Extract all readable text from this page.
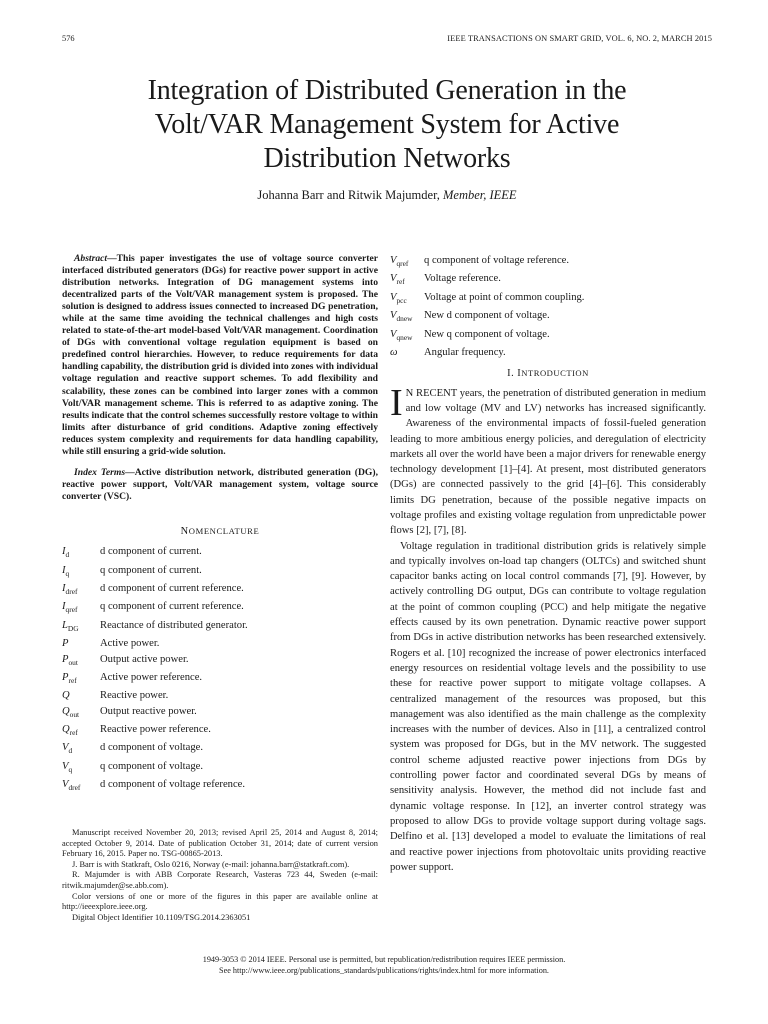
576	IEEE TRANSACTIONS ON SMART GRID, VOL. 6, NO. 2, MARCH 2015
Integration of Distributed Generation in the
Volt/VAR Management System for Active
Distribution Networks
Johanna Barr and Ritwik Majumder, Member, IEEE

Abstract—This paper investigates the use of voltage source converter interfaced distributed generators (DGs) for reactive power support in active distribution networks. Integration of DG management systems into decentralized parts of the Volt/VAR management system is proposed. The solution is designed to address issues connected to increased DG penetration, while at the same time avoiding the technical challenges and high costs related to state-of-the-art model-based Volt/VAR management. Coordination of DGs with conventional voltage regulation equipment is based on predefined control hierarchies. However, to reduce requirements for data handling capability, the distribution grid is divided into zones with individual voltage regulation and reactive support schemes. To add flexibility and scalability, these zones can be combined into larger zones with a common Volt/VAR management scheme. This is referred to as adaptive zoning. The results indicate that the control schemes successfully restore voltage to within limits after disturbance of grid conditions. Adaptive zoning effectively reduces system complexity and requirements for data handling capability, while still ensuring a grid-wide solution.

Index Terms—Active distribution network, distributed generation (DG), reactive power support, Volt/VAR management system, voltage source converter (VSC).

NOMENCLATURE
$I_d$	d component of current.
$I_q$	q component of current.
$I_{dref}$	d component of current reference.
$I_{qref}$	q component of current reference.
$L_{DG}$	Reactance of distributed generator.
P	Active power.
$P_{out}$	Output active power.
$P_{ref}$	Active power reference.
Q	Reactive power.
$Q_{out}$	Output reactive power.
$Q_{ref}$	Reactive power reference.
$V_d$	d component of voltage.
$V_q$	q component of voltage.
$V_{dref}$	d component of voltage reference.

Manuscript received November 20, 2013; revised April 25, 2014 and August 8, 2014; accepted October 9, 2014. Date of publication October 31, 2014; date of current version February 16, 2015. Paper no. TSG-00865-2013.

J. Barr is with Statkraft, Oslo 0216, Norway (e-mail: johanna.barr@statkraft.com).

R. Majumder is with ABB Corporate Research, Vasteras 723 44, Sweden (e-mail: ritwik.majumder@se.abb.com).

Color versions of one or more of the figures in this paper are available online at http://ieeexplore.ieee.org.

Digital Object Identifier 10.1109/TSG.2014.2363051

$V_{qref}$	q component of voltage reference.
$V_{ref}$	Voltage reference.
$V_{pcc}$	Voltage at point of common coupling.
$V_{dnew}$	New d component of voltage.
$V_{qnew}$	New q component of voltage.
ω	Angular frequency.
I. INTRODUCTION

I N RECENT years, the penetration of distributed generation in medium and low voltage (MV and LV) networks has increased significantly. Awareness of the environmental impacts of fossil-fueled generation leading to more ambitious energy policies, and deregulation of electricity markets all over the world have been a major drivers for renewable energy technology development [1]–[4]. At present, most distributed generators (DGs) are connected passively to the grid [4]–[6]. This considerably limits DG penetration, because of the possible negative impacts on voltage profiles and existing voltage regulation from unpredictable power flows [2], [7], [8].

Voltage regulation in traditional distribution grids is relatively simple and typically involves on-load tap changers (OLTCs) and switched shunt capacitor banks acting on local control commands [7], [9]. However, by actively controlling DG output, DGs can contribute to voltage regulation at the point of common coupling (PCC) and help mitigate the negative effects caused by its own penetration. Dynamic reactive power support from DGs in active distribution networks has been researched extensively. Rogers et al. [10] recognized the increase of power electronics interfaced energy resources on residential voltage levels and the possibility to use these for reactive power support to mitigate voltage collapses. A centralized management of the resources was proposed, but this management was also identified as the main challenge as the complexity increases with the number of devices. Also in [11], a centralized control system was proposed for DGs, but in the MV network. The suggested control scheme adjusted reactive power injections from DGs by controlling power factor and coordinated several DGs by means of sensitivity analysis. However, the method did not include fast and dynamic voltage response. In [12], an inverter control strategy was proposed to allow DGs to provide voltage support during voltage sags. Delfino et al. [13] developed a model to evaluate the limitations of real and reactive power injections from photovoltaic units providing reactive power support.

1949-3053 © 2014 IEEE. Personal use is permitted, but republication/redistribution requires IEEE permission.
See http://www.ieee.org/publications_standards/publications/rights/index.html for more information.
